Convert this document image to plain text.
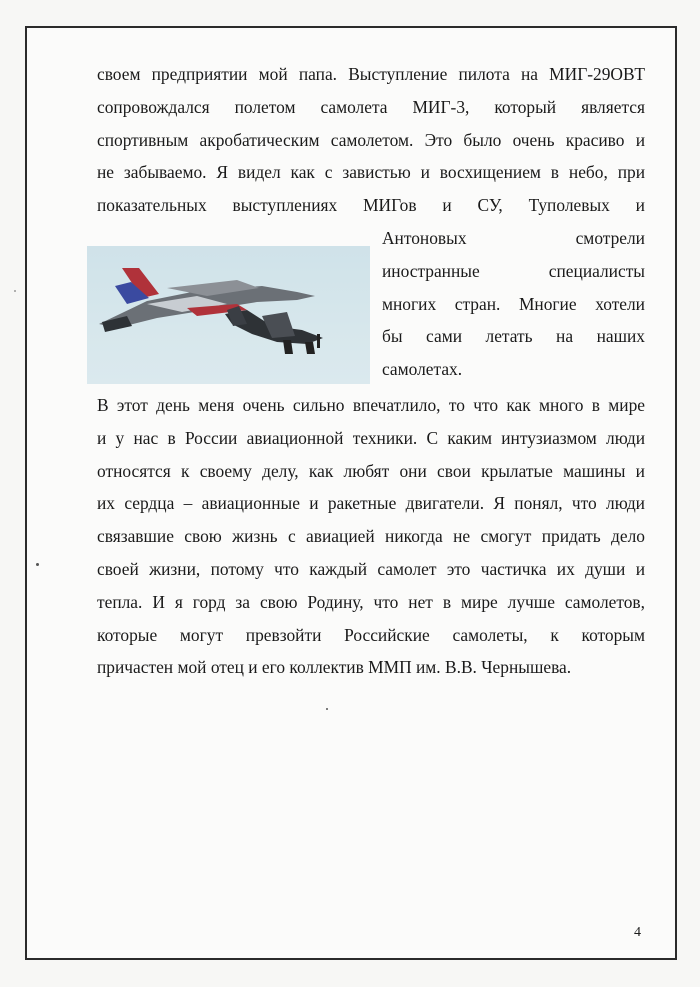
своем предприятии мой папа. Выступление пилота на МИГ-29ОВТ
сопровождался полетом самолета МИГ-3, который является
спортивным акробатическим самолетом. Это было очень красиво и
не забываемо. Я видел как с завистью и восхищением в небо, при
показательных выступлениях МИГов и СУ, Туполевых и
Антоновых смотрели
иностранные специалисты
многих стран. Многие хотели
бы сами летать на наших
самолетах.
В этот день меня очень сильно впечатлило, то что как много в мире
и у нас в России авиационной техники. С каким интузиазмом люди
относятся к своему делу, как любят они свои крылатые машины и
их сердца – авиационные и ракетные двигатели. Я понял, что люди
связавшие свою жизнь с авиацией никогда не смогут придать дело
своей жизни, потому что каждый самолет это частичка их души и
тепла. И я горд за свою Родину, что нет в мире лучше самолетов,
которые могут превзойти Российские самолеты, к которым
причастен мой отец и его коллектив ММП им. В.В. Чернышева.
4
